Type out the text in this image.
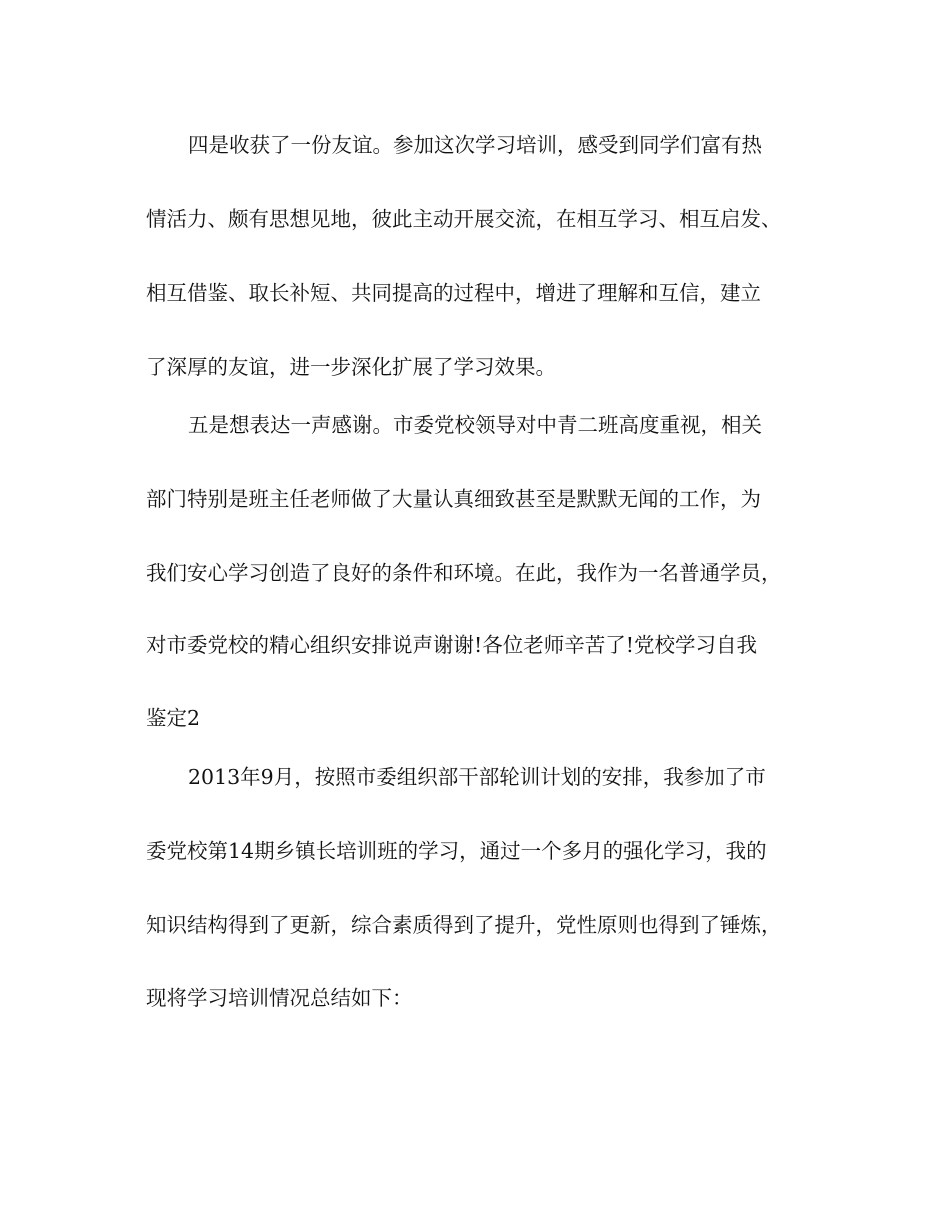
四是收获了一份友谊。参加这次学习培训，感受到同学们富有热

情活力、颇有思想见地，彼此主动开展交流，在相互学习、相互启发、

相互借鉴、取长补短、共同提高的过程中，增进了理解和互信，建立

了深厚的友谊，进一步深化扩展了学习效果。

五是想表达一声感谢。市委党校领导对中青二班高度重视，相关

部门特别是班主任老师做了大量认真细致甚至是默默无闻的工作，为

我们安心学习创造了良好的条件和环境。在此，我作为一名普通学员，

对市委党校的精心组织安排说声谢谢!各位老师辛苦了!党校学习自我

鉴定2

2013年9月，按照市委组织部干部轮训计划的安排，我参加了市

委党校第14期乡镇长培训班的学习，通过一个多月的强化学习，我的

知识结构得到了更新，综合素质得到了提升，党性原则也得到了锤炼，

现将学习培训情况总结如下：
